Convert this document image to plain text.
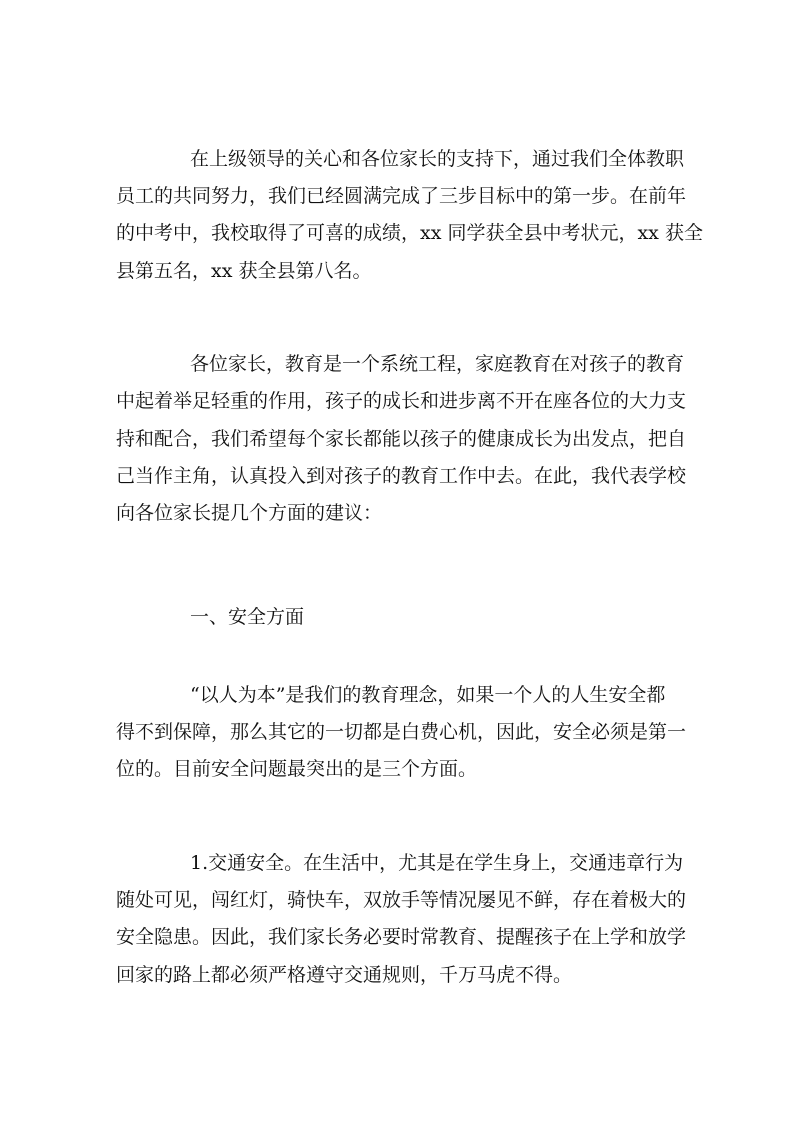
在上级领导的关心和各位家长的支持下，通过我们全体教职
员工的共同努力，我们已经圆满完成了三步目标中的第一步。在前年
的中考中，我校取得了可喜的成绩，xx 同学获全县中考状元，xx 获全
县第五名，xx 获全县第八名。
各位家长，教育是一个系统工程，家庭教育在对孩子的教育
中起着举足轻重的作用，孩子的成长和进步离不开在座各位的大力支
持和配合，我们希望每个家长都能以孩子的健康成长为出发点，把自
己当作主角，认真投入到对孩子的教育工作中去。在此，我代表学校
向各位家长提几个方面的建议：
一、安全方面
“以人为本”是我们的教育理念，如果一个人的人生安全都
得不到保障，那么其它的一切都是白费心机，因此，安全必须是第一
位的。目前安全问题最突出的是三个方面。
1.交通安全。在生活中，尤其是在学生身上，交通违章行为
随处可见，闯红灯，骑快车，双放手等情况屡见不鲜，存在着极大的
安全隐患。因此，我们家长务必要时常教育、提醒孩子在上学和放学
回家的路上都必须严格遵守交通规则，千万马虎不得。
